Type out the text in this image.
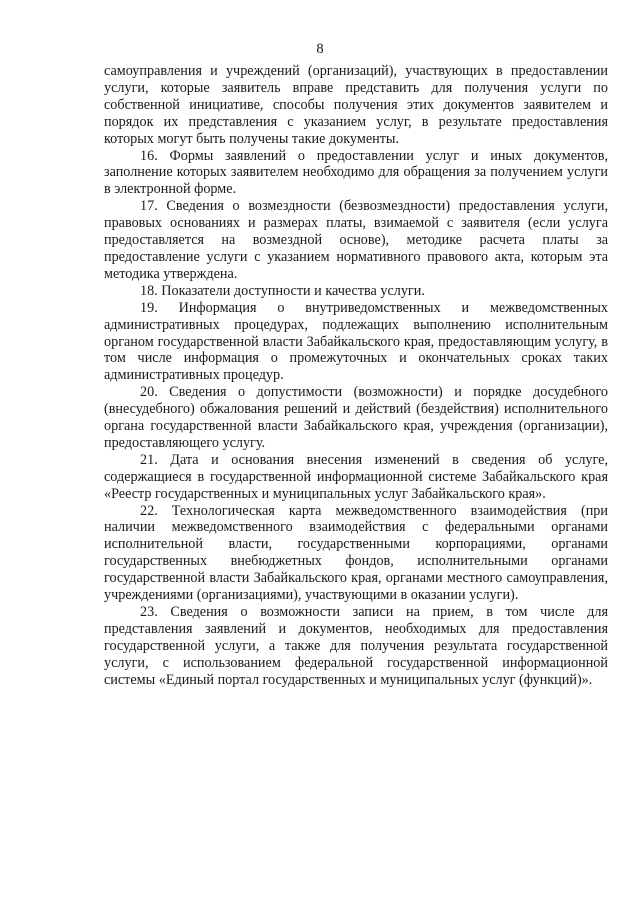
8

самоуправления и учреждений (организаций), участвующих в предоставлении услуги, которые заявитель вправе представить для получения услуги по собственной инициативе, способы получения этих документов заявителем и порядок их представления с указанием услуг, в результате предоставления которых могут быть получены такие документы.

16. Формы заявлений о предоставлении услуг и иных документов, заполнение которых заявителем необходимо для обращения за получением услуги в электронной форме.

17. Сведения о возмездности (безвозмездности) предоставления услуги, правовых основаниях и размерах платы, взимаемой с заявителя (если услуга предоставляется на возмездной основе), методике расчета платы за предоставление услуги с указанием нормативного правового акта, которым эта методика утверждена.

18. Показатели доступности и качества услуги.

19. Информация о внутриведомственных и межведомственных административных процедурах, подлежащих выполнению исполнительным органом государственной власти Забайкальского края, предоставляющим услугу, в том числе информация о промежуточных и окончательных сроках таких административных процедур.

20. Сведения о допустимости (возможности) и порядке досудебного (внесудебного) обжалования решений и действий (бездействия) исполнительного органа государственной власти Забайкальского края, учреждения (организации), предоставляющего услугу.

21. Дата и основания внесения изменений в сведения об услуге, содержащиеся в государственной информационной системе Забайкальского края «Реестр государственных и муниципальных услуг Забайкальского края».

22. Технологическая карта межведомственного взаимодействия (при наличии межведомственного взаимодействия с федеральными органами исполнительной власти, государственными корпорациями, органами государственных внебюджетных фондов, исполнительными органами государственной власти Забайкальского края, органами местного самоуправления, учреждениями (организациями), участвующими в оказании услуги).

23. Сведения о возможности записи на прием, в том числе для представления заявлений и документов, необходимых для предоставления государственной услуги, а также для получения результата государственной услуги, с использованием федеральной государственной информационной системы «Единый портал государственных и муниципальных услуг (функций)».
